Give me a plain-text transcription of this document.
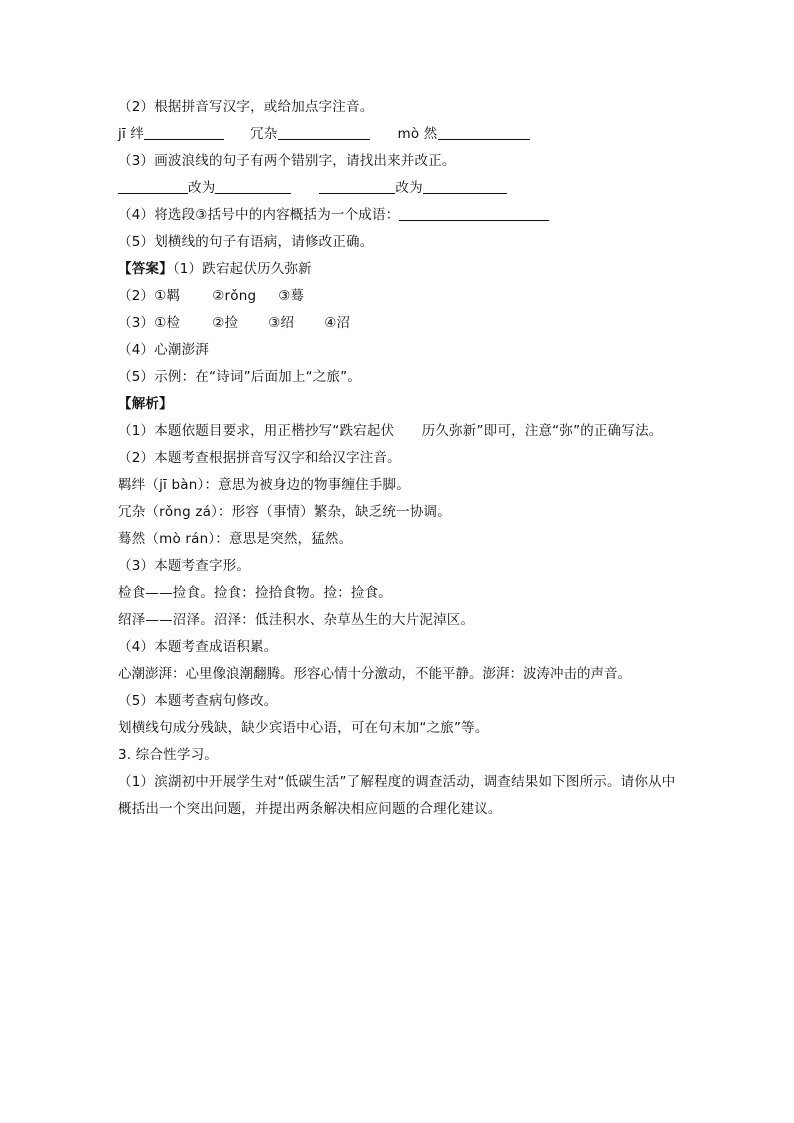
（2）根据拼音写汉字，或给加点字注音。
jī 绊	冗杂	mò 然
（3）画波浪线的句子有两个错别字，请找出来并改正。
改为	改为
（4）将选段③括号中的内容概括为一个成语：
（5）划横线的句子有语病，请修改正确。
【答案】（1）跌宕起伏历久弥新
（2）①羁 ②rǒng ③蓦
（3）①检 ②捡 ③绍 ④沼
（4）心潮澎湃
（5）示例：在“诗词”后面加上“之旅”。
【解析】
（1）本题依题目要求，用正楷抄写“跌宕起伏　　历久弥新”即可，注意“弥”的正确写法。
（2）本题考查根据拼音写汉字和给汉字注音。
羁绊（jī bàn）：意思为被身边的物事缠住手脚。
冗杂（rǒng zá）：形容（事情）繁杂，缺乏统一协调。
蓦然（mò rán）：意思是突然，猛然。
（3）本题考查字形。
检食——捡食。捡食：捡拾食物。捡：捡食。
绍泽——沼泽。沼泽：低洼积水、杂草丛生的大片泥淖区。
（4）本题考查成语积累。
心潮澎湃：心里像浪潮翻腾。形容心情十分激动，不能平静。澎湃：波涛冲击的声音。
（5）本题考查病句修改。
划横线句成分残缺，缺少宾语中心语，可在句末加“之旅”等。
3. 综合性学习。
（1）滨湖初中开展学生对“低碳生活”了解程度的调查活动，调查结果如下图所示。请你从中概括出一个突出问题，并提出两条解决相应问题的合理化建议。
